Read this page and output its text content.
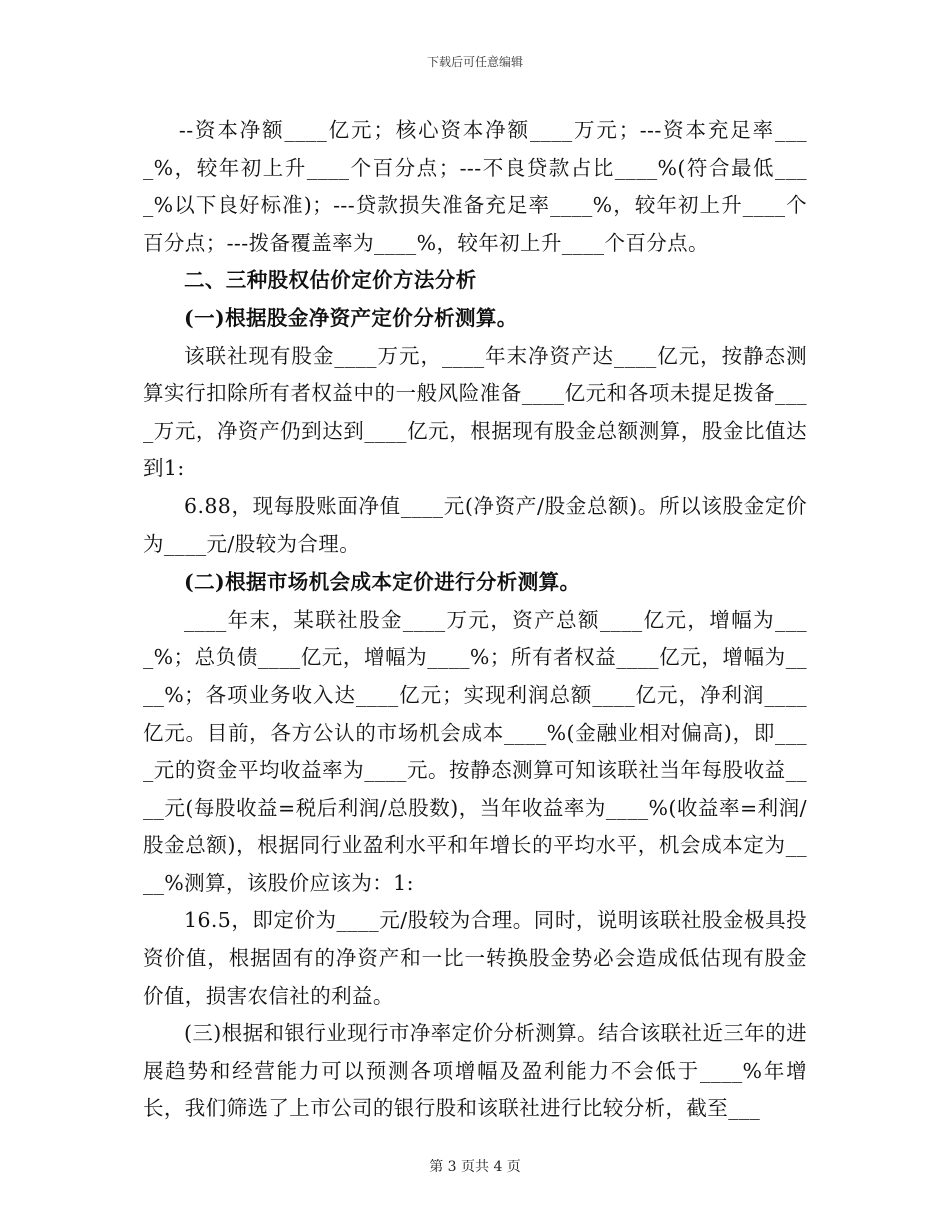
下载后可任意编辑

--资本净额____亿元；核心资本净额____万元；---资本充足率____%，较年初上升____个百分点；---不良贷款占比____%(符合最低____%以下良好标准)；---贷款损失准备充足率____%，较年初上升____个百分点；---拨备覆盖率为____%，较年初上升____个百分点。

二、三种股权估价定价方法分析

(一)根据股金净资产定价分析测算。

该联社现有股金____万元，____年末净资产达____亿元，按静态测算实行扣除所有者权益中的一般风险准备____亿元和各项未提足拨备____万元，净资产仍到达到____亿元，根据现有股金总额测算，股金比值达到1:

6.88，现每股账面净值____元(净资产/股金总额)。所以该股金定价为____元/股较为合理。

(二)根据市场机会成本定价进行分析测算。

____年末，某联社股金____万元，资产总额____亿元，增幅为____%；总负债____亿元，增幅为____%；所有者权益____亿元，增幅为____%；各项业务收入达____亿元；实现利润总额____亿元，净利润____亿元。目前，各方公认的市场机会成本____%(金融业相对偏高)，即____元的资金平均收益率为____元。按静态测算可知该联社当年每股收益____元(每股收益=税后利润/总股数)，当年收益率为____%(收益率=利润/股金总额)，根据同行业盈利水平和年增长的平均水平，机会成本定为____%测算，该股价应该为：1:

16.5，即定价为____元/股较为合理。同时，说明该联社股金极具投资价值，根据固有的净资产和一比一转换股金势必会造成低估现有股金价值，损害农信社的利益。

(三)根据和银行业现行市净率定价分析测算。结合该联社近三年的进展趋势和经营能力可以预测各项增幅及盈利能力不会低于____%年增长，我们筛选了上市公司的银行股和该联社进行比较分析，截至___

第 3 页共 4 页
